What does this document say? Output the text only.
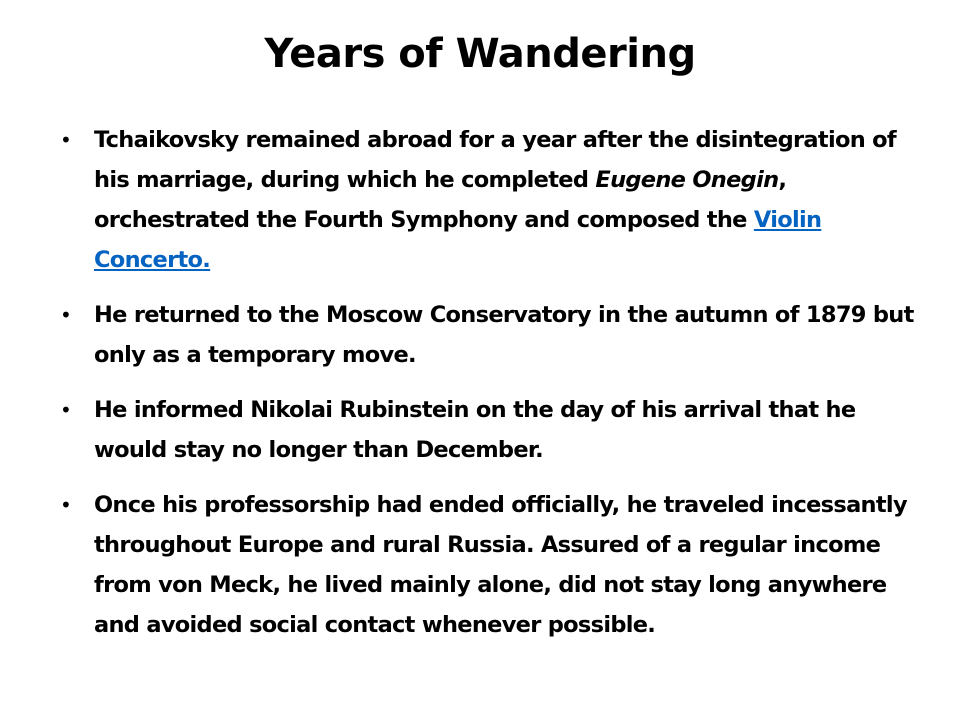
Years of Wandering
• Tchaikovsky remained abroad for a year after the disintegration of his marriage, during which he completed Eugene Onegin, orchestrated the Fourth Symphony and composed the Violin Concerto.
• He returned to the Moscow Conservatory in the autumn of 1879 but only as a temporary move.
• He informed Nikolai Rubinstein on the day of his arrival that he would stay no longer than December.
• Once his professorship had ended officially, he traveled incessantly throughout Europe and rural Russia. Assured of a regular income from von Meck, he lived mainly alone, did not stay long anywhere and avoided social contact whenever possible.
